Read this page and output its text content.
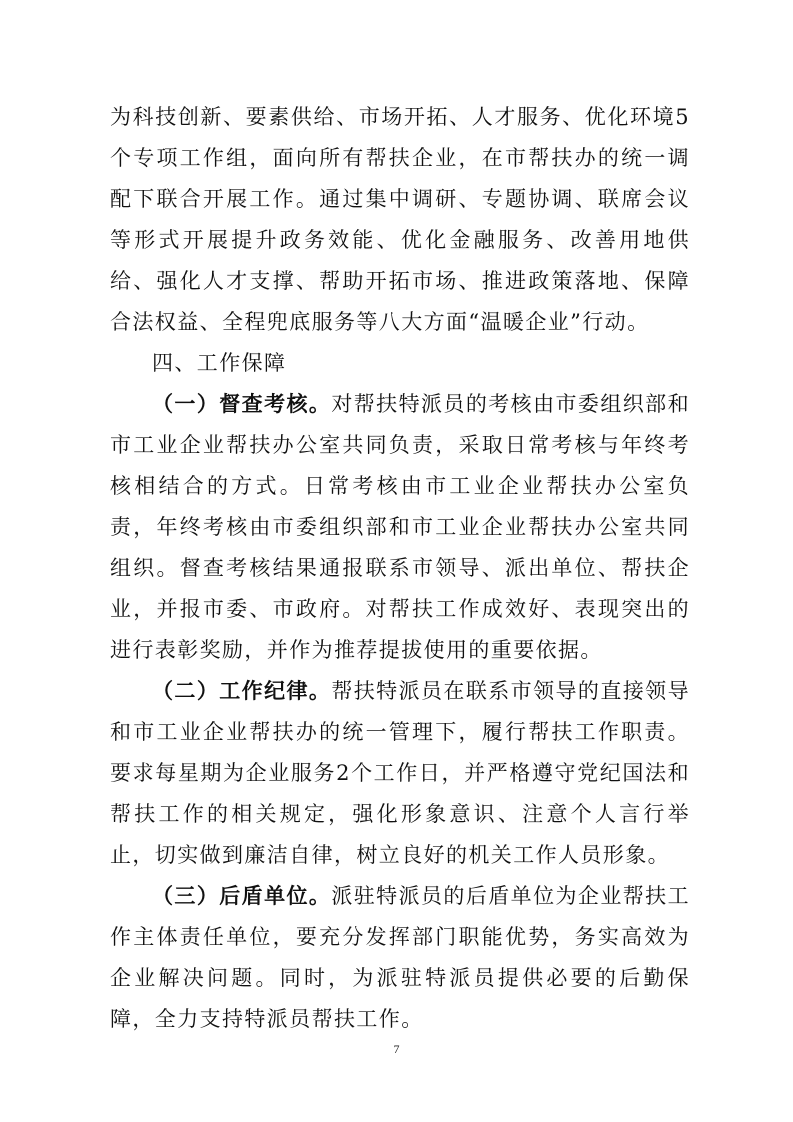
为科技创新、要素供给、市场开拓、人才服务、优化环境5个专项工作组，面向所有帮扶企业，在市帮扶办的统一调配下联合开展工作。通过集中调研、专题协调、联席会议等形式开展提升政务效能、优化金融服务、改善用地供给、强化人才支撑、帮助开拓市场、推进政策落地、保障合法权益、全程兜底服务等八大方面“温暖企业”行动。

四、工作保障

（一）督查考核。对帮扶特派员的考核由市委组织部和市工业企业帮扶办公室共同负责，采取日常考核与年终考核相结合的方式。日常考核由市工业企业帮扶办公室负责，年终考核由市委组织部和市工业企业帮扶办公室共同组织。督查考核结果通报联系市领导、派出单位、帮扶企业，并报市委、市政府。对帮扶工作成效好、表现突出的进行表彰奖励，并作为推荐提拔使用的重要依据。

（二）工作纪律。帮扶特派员在联系市领导的直接领导和市工业企业帮扶办的统一管理下，履行帮扶工作职责。要求每星期为企业服务2个工作日，并严格遵守党纪国法和帮扶工作的相关规定，强化形象意识、注意个人言行举止，切实做到廉洁自律，树立良好的机关工作人员形象。

（三）后盾单位。派驻特派员的后盾单位为企业帮扶工作主体责任单位，要充分发挥部门职能优势，务实高效为企业解决问题。同时，为派驻特派员提供必要的后勤保障，全力支持特派员帮扶工作。

7
